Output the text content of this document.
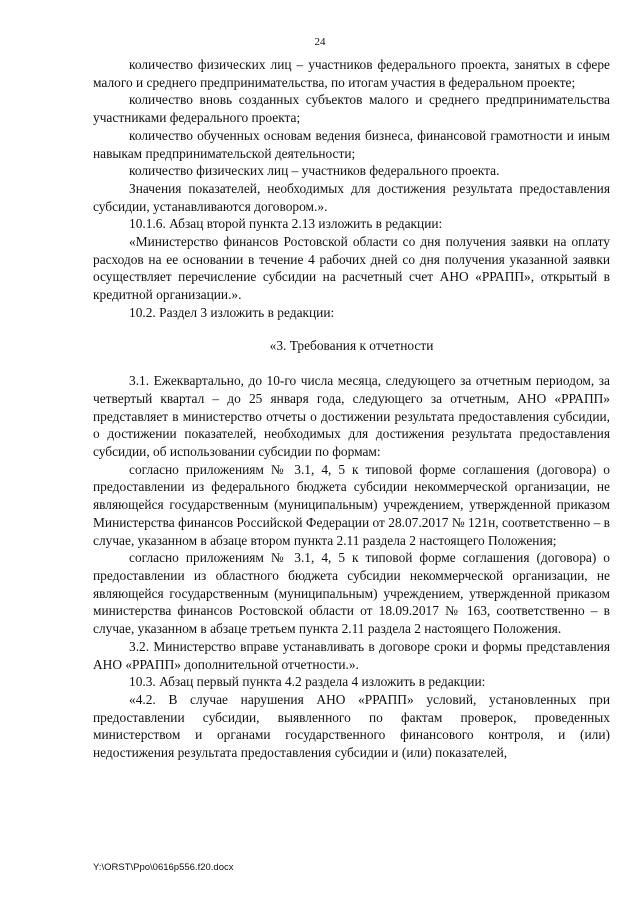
24

количество физических лиц – участников федерального проекта, занятых в сфере малого и среднего предпринимательства, по итогам участия в федеральном проекте;

количество вновь созданных субъектов малого и среднего предпринимательства участниками федерального проекта;

количество обученных основам ведения бизнеса, финансовой грамотности и иным навыкам предпринимательской деятельности;

количество физических лиц – участников федерального проекта.

Значения показателей, необходимых для достижения результата предоставления субсидии, устанавливаются договором.».

10.1.6. Абзац второй пункта 2.13 изложить в редакции:

«Министерство финансов Ростовской области со дня получения заявки на оплату расходов на ее основании в течение 4 рабочих дней со дня получения указанной заявки осуществляет перечисление субсидии на расчетный счет АНО «РРАПП», открытый в кредитной организации.».

10.2. Раздел 3 изложить в редакции:

«3. Требования к отчетности

3.1. Ежеквартально, до 10-го числа месяца, следующего за отчетным периодом, за четвертый квартал – до 25 января года, следующего за отчетным, АНО «РРАПП» представляет в министерство отчеты о достижении результата предоставления субсидии, о достижении показателей, необходимых для достижения результата предоставления субсидии, об использовании субсидии по формам:

согласно приложениям № 3.1, 4, 5 к типовой форме соглашения (договора) о предоставлении из федерального бюджета субсидии некоммерческой организации, не являющейся государственным (муниципальным) учреждением, утвержденной приказом Министерства финансов Российской Федерации от 28.07.2017 № 121н, соответственно – в случае, указанном в абзаце втором пункта 2.11 раздела 2 настоящего Положения;

согласно приложениям № 3.1, 4, 5 к типовой форме соглашения (договора) о предоставлении из областного бюджета субсидии некоммерческой организации, не являющейся государственным (муниципальным) учреждением, утвержденной приказом министерства финансов Ростовской области от 18.09.2017 № 163, соответственно – в случае, указанном в абзаце третьем пункта 2.11 раздела 2 настоящего Положения.

3.2. Министерство вправе устанавливать в договоре сроки и формы представления АНО «РРАПП» дополнительной отчетности.».

10.3. Абзац первый пункта 4.2 раздела 4 изложить в редакции:

«4.2. В случае нарушения АНО «РРАПП» условий, установленных при предоставлении субсидии, выявленного по фактам проверок, проведенных министерством и органами государственного финансового контроля, и (или) недостижения результата предоставления субсидии и (или) показателей,

Y:\ORST\Ppo\0616p556.f20.docx
